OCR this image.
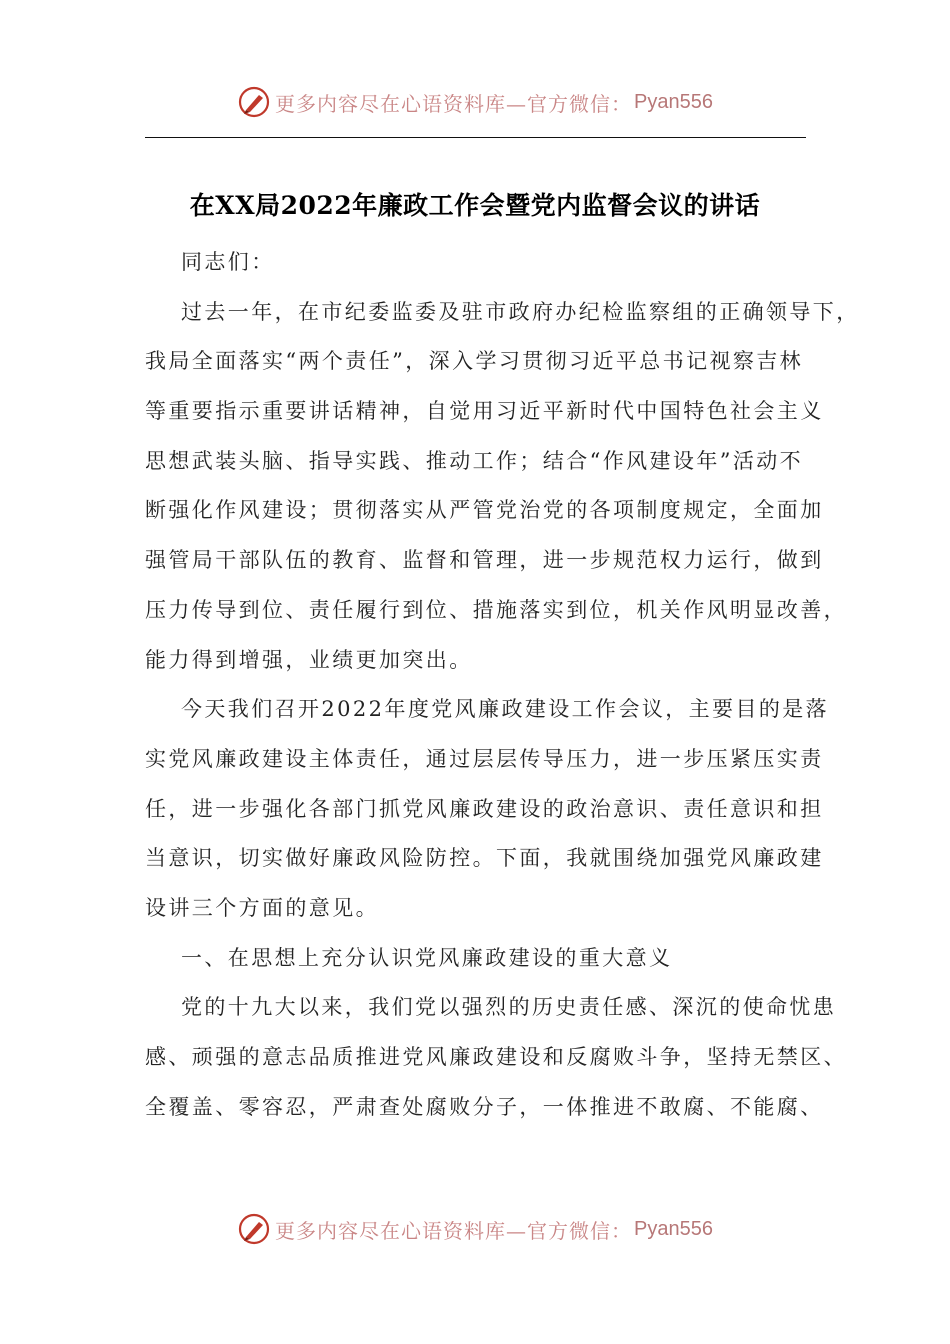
更多内容尽在心语资料库—官方微信： Pyan556
在XX局2022年廉政工作会暨党内监督会议的讲话
同志们：
过去一年，在市纪委监委及驻市政府办纪检监察组的正确领导下，
我局全面落实“两个责任”，深入学习贯彻习近平总书记视察吉林
等重要指示重要讲话精神，自觉用习近平新时代中国特色社会主义
思想武装头脑、指导实践、推动工作；结合“作风建设年”活动不
断强化作风建设；贯彻落实从严管党治党的各项制度规定，全面加
强管局干部队伍的教育、监督和管理，进一步规范权力运行，做到
压力传导到位、责任履行到位、措施落实到位，机关作风明显改善，
能力得到增强，业绩更加突出。
今天我们召开2022年度党风廉政建设工作会议，主要目的是落
实党风廉政建设主体责任，通过层层传导压力，进一步压紧压实责
任，进一步强化各部门抓党风廉政建设的政治意识、责任意识和担
当意识，切实做好廉政风险防控。下面，我就围绕加强党风廉政建
设讲三个方面的意见。
一、在思想上充分认识党风廉政建设的重大意义
党的十九大以来，我们党以强烈的历史责任感、深沉的使命忧患
感、顽强的意志品质推进党风廉政建设和反腐败斗争，坚持无禁区、
全覆盖、零容忍，严肃查处腐败分子，一体推进不敢腐、不能腐、
更多内容尽在心语资料库—官方微信： Pyan556
